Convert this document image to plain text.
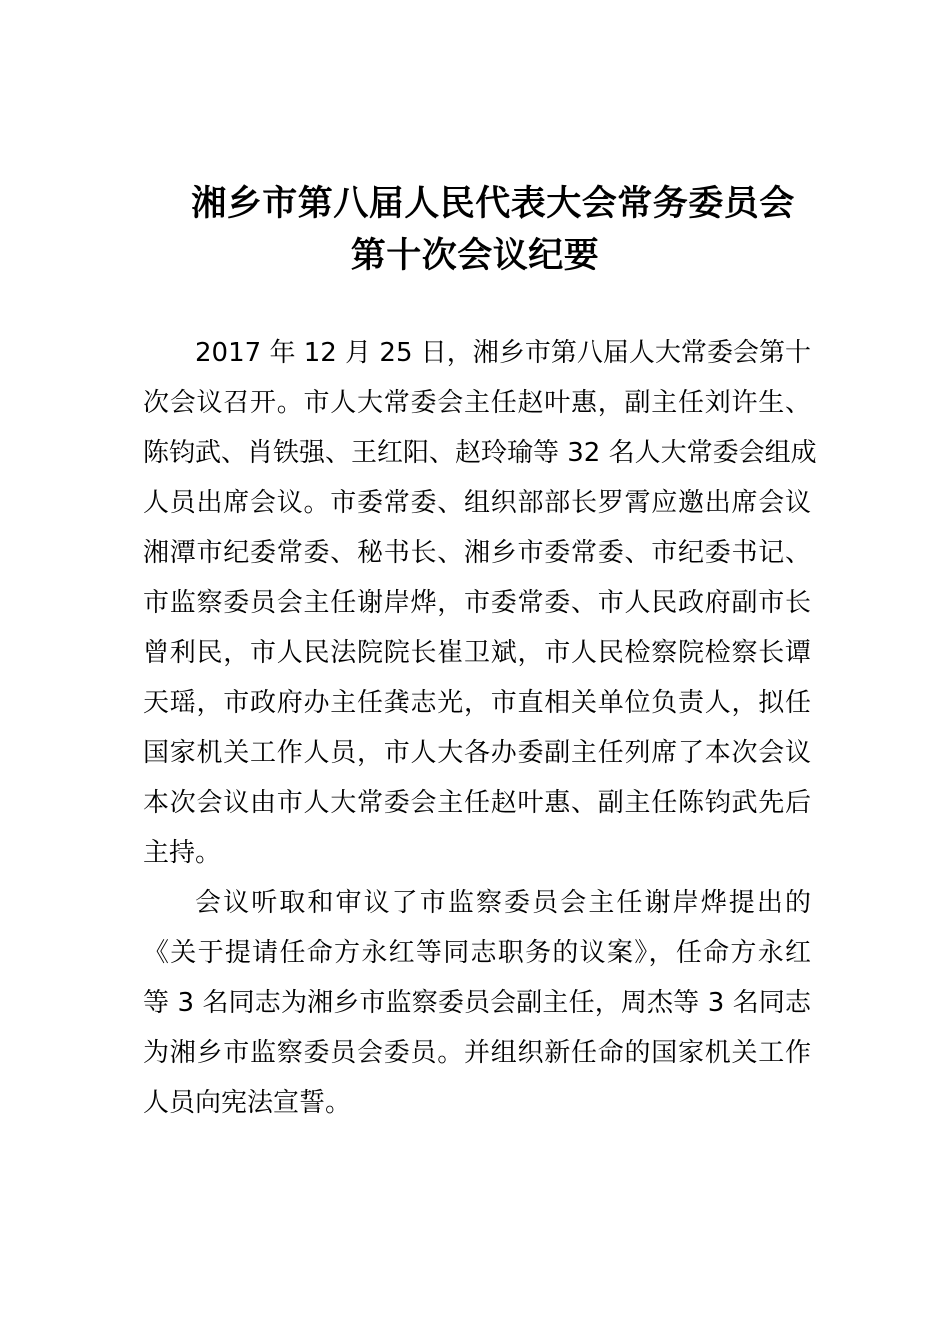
湘乡市第八届人民代表大会常务委员会
第十次会议纪要
2017 年 12 月 25 日，湘乡市第八届人大常委会第十
次会议召开。市人大常委会主任赵叶惠，副主任刘许生、
陈钧武、肖铁强、王红阳、赵玲瑜等 32 名人大常委会组成
人员出席会议。市委常委、组织部部长罗霄应邀出席会议
湘潭市纪委常委、秘书长、湘乡市委常委、市纪委书记、
市监察委员会主任谢岸烨，市委常委、市人民政府副市长
曾利民，市人民法院院长崔卫斌，市人民检察院检察长谭
天瑶，市政府办主任龚志光，市直相关单位负责人，拟任
国家机关工作人员，市人大各办委副主任列席了本次会议
本次会议由市人大常委会主任赵叶惠、副主任陈钧武先后
主持。
会议听取和审议了市监察委员会主任谢岸烨提出的
《关于提请任命方永红等同志职务的议案》，任命方永红
等 3 名同志为湘乡市监察委员会副主任，周杰等 3 名同志
为湘乡市监察委员会委员。并组织新任命的国家机关工作
人员向宪法宣誓。
